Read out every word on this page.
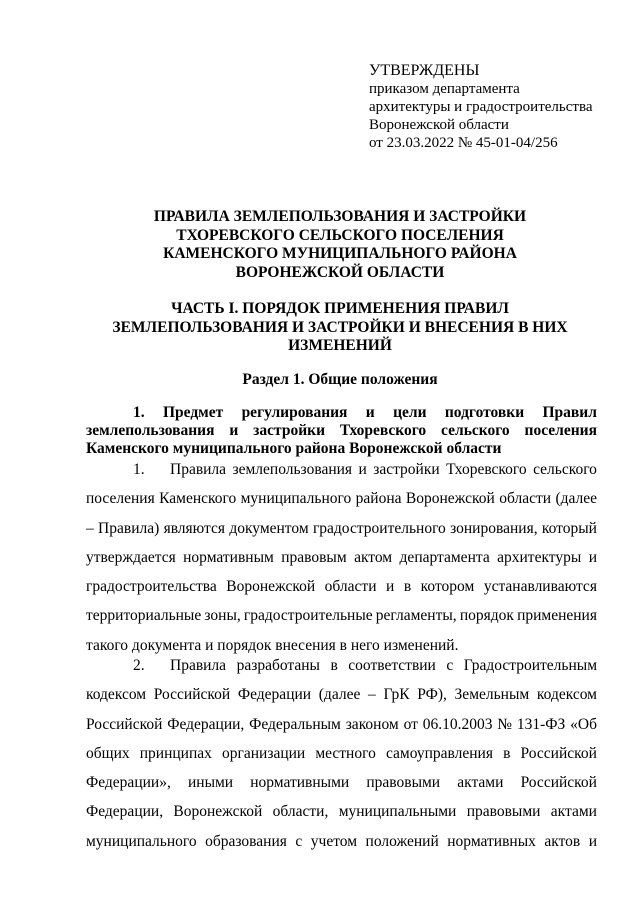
УТВЕРЖДЕНЫ
приказом департамента
архитектуры и градостроительства
Воронежской области
от 23.03.2022 № 45-01-04/256
ПРАВИЛА ЗЕМЛЕПОЛЬЗОВАНИЯ И ЗАСТРОЙКИ
ТХОРЕВСКОГО СЕЛЬСКОГО ПОСЕЛЕНИЯ
КАМЕНСКОГО МУНИЦИПАЛЬНОГО РАЙОНА
ВОРОНЕЖСКОЙ ОБЛАСТИ
ЧАСТЬ I. ПОРЯДОК ПРИМЕНЕНИЯ ПРАВИЛ
ЗЕМЛЕПОЛЬЗОВАНИЯ И ЗАСТРОЙКИ И ВНЕСЕНИЯ В НИХ
ИЗМЕНЕНИЙ
Раздел 1. Общие положения
1. Предмет регулирования и цели подготовки Правил
землепользования и застройки Тхоревского сельского поселения
Каменского муниципального района Воронежской области
1.	Правила землепользования и застройки Тхоревского сельского
поселения Каменского муниципального района Воронежской области (далее
– Правила) являются документом градостроительного зонирования, который
утверждается нормативным правовым актом департамента архитектуры и
градостроительства Воронежской области и в котором устанавливаются
территориальные зоны, градостроительные регламенты, порядок применения
такого документа и порядок внесения в него изменений.
2.	Правила разработаны в соответствии с Градостроительным
кодексом Российской Федерации (далее – ГрК РФ), Земельным кодексом
Российской Федерации, Федеральным законом от 06.10.2003 № 131-ФЗ «Об
общих принципах организации местного самоуправления в Российской
Федерации», иными нормативными правовыми актами Российской
Федерации, Воронежской области, муниципальными правовыми актами
муниципального образования с учетом положений нормативных актов и
